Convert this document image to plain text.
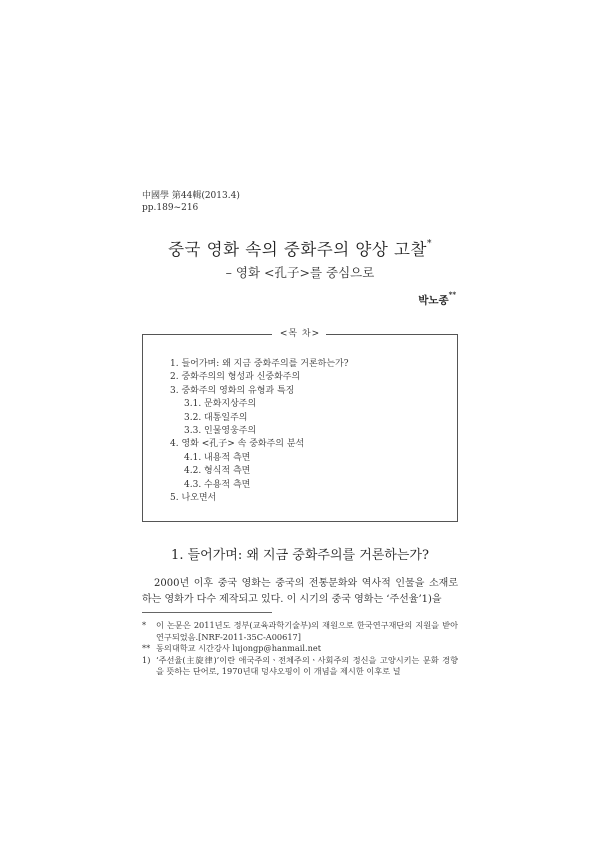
中國學 第44輯(2013.4)
pp.189~216
중국 영화 속의 중화주의 양상 고찰*
– 영화 <孔子>를 중심으로
박노종**
<목 차>
1. 들어가며: 왜 지금 중화주의를 거론하는가?
2. 중화주의의 형성과 신중화주의
3. 중화주의 영화의 유형과 특징
3.1. 문화지상주의
3.2. 대통일주의
3.3. 인물영웅주의
4. 영화 <孔子> 속 중화주의 분석
4.1. 내용적 측면
4.2. 형식적 측면
4.3. 수용적 측면
5. 나오면서
1. 들어가며: 왜 지금 중화주의를 거론하는가?

2000년 이후 중국 영화는 중국의 전통문화와 역사적 인물을 소재로 하는 영화가 다수 제작되고 있다. 이 시기의 중국 영화는 ‘주선율’1)을

*	이 논문은 2011년도 정부(교육과학기술부)의 재원으로 한국연구재단의 지원을 받아 연구되었음.[NRF-2011-35C-A00617]
** 동의대학교 시간강사 lujongp@hanmail.net
1) ‘주선율(主旋律)’이란 애국주의ㆍ전체주의ㆍ사회주의 정신을 고양시키는 문화 경향을 뜻하는 단어로, 1970년대 덩샤오핑이 이 개념을 제시한 이후로 널
